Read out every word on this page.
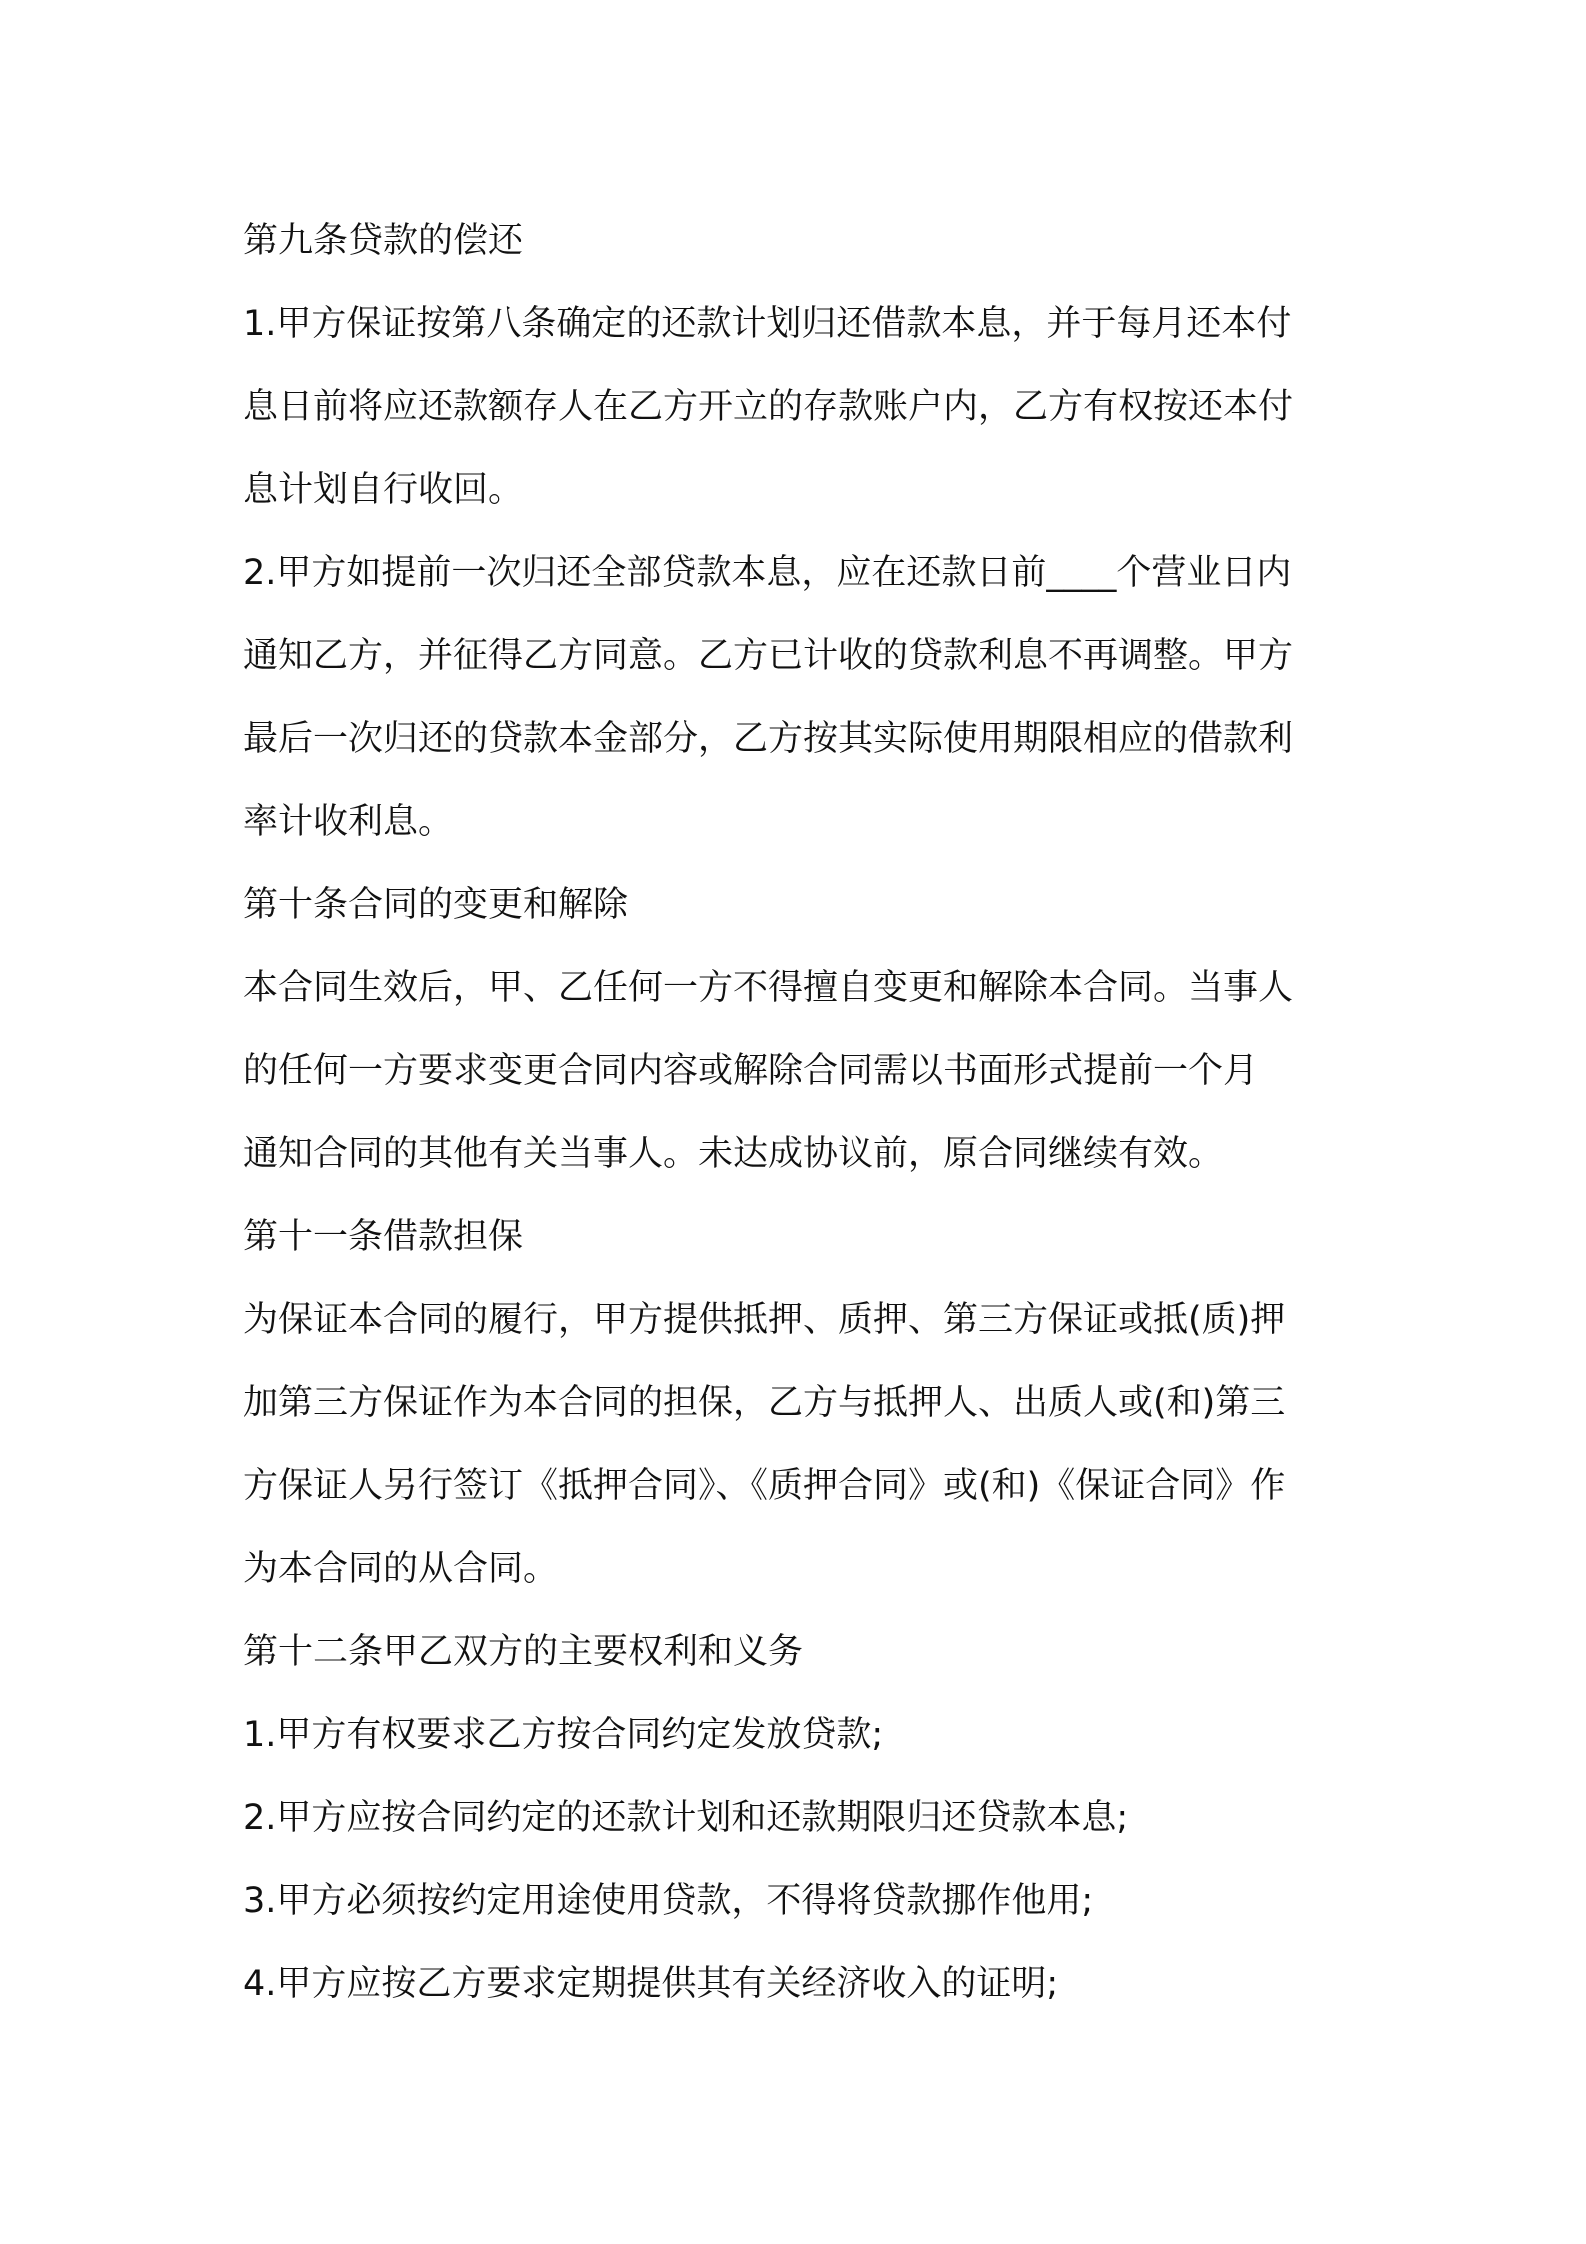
第九条贷款的偿还
1.甲方保证按第八条确定的还款计划归还借款本息，并于每月还本付
息日前将应还款额存人在乙方开立的存款账户内，乙方有权按还本付
息计划自行收回。
2.甲方如提前一次归还全部贷款本息，应在还款日前____个营业日内
通知乙方，并征得乙方同意。乙方已计收的贷款利息不再调整。甲方
最后一次归还的贷款本金部分，乙方按其实际使用期限相应的借款利
率计收利息。
第十条合同的变更和解除
本合同生效后，甲、乙任何一方不得擅自变更和解除本合同。当事人
的任何一方要求变更合同内容或解除合同需以书面形式提前一个月
通知合同的其他有关当事人。未达成协议前，原合同继续有效。
第十一条借款担保
为保证本合同的履行，甲方提供抵押、质押、第三方保证或抵(质)押
加第三方保证作为本合同的担保，乙方与抵押人、出质人或(和)第三
方保证人另行签订《抵押合同》、《质押合同》或(和)《保证合同》作
为本合同的从合同。
第十二条甲乙双方的主要权利和义务
1.甲方有权要求乙方按合同约定发放贷款;
2.甲方应按合同约定的还款计划和还款期限归还贷款本息;
3.甲方必须按约定用途使用贷款，不得将贷款挪作他用;
4.甲方应按乙方要求定期提供其有关经济收入的证明;
